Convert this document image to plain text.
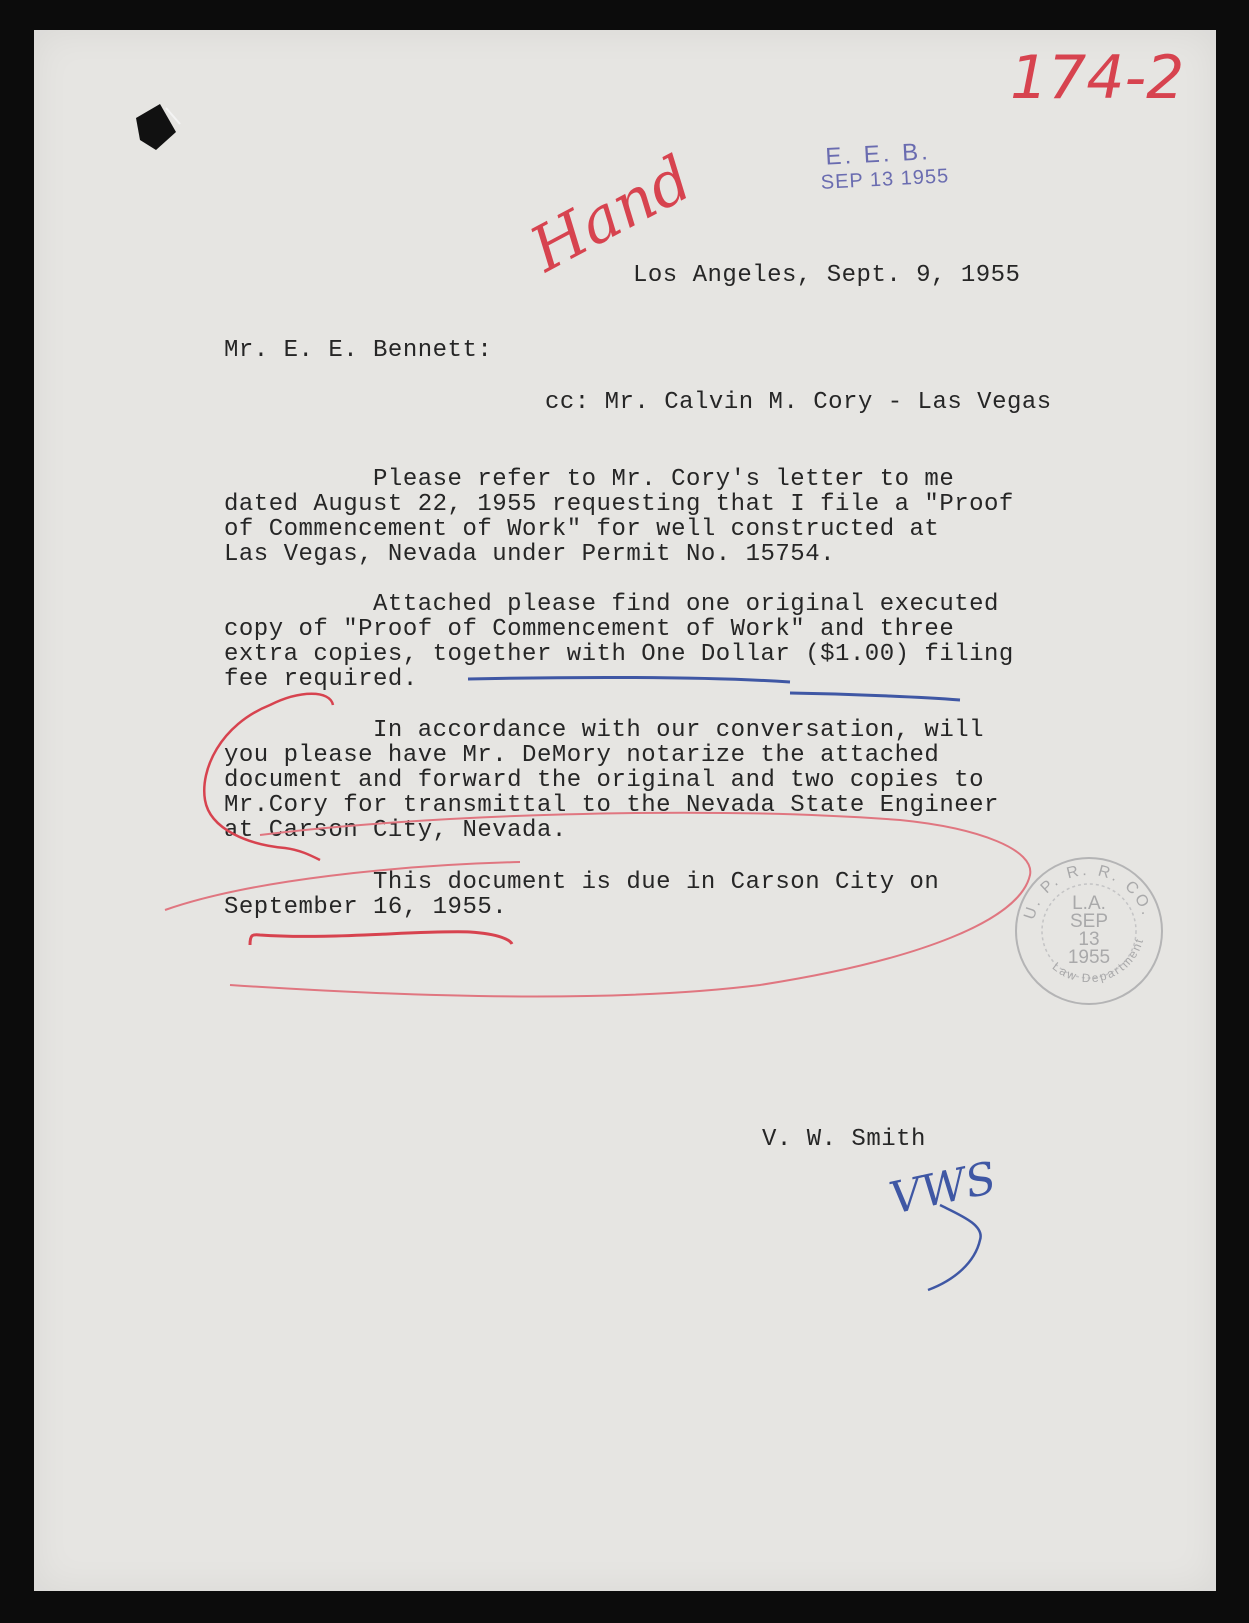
174-2
Hand	E. E. B.
SEP 13 1955
Los Angeles, Sept. 9, 1955
Mr. E. E. Bennett:
cc: Mr. Calvin M. Cory - Las Vegas
Please refer to Mr. Cory's letter to me
dated August 22, 1955 requesting that I file a "Proof
of Commencement of Work" for well constructed at
Las Vegas, Nevada under Permit No. 15754.
Attached please find one original executed
copy of "Proof of Commencement of Work" and three
extra copies, together with One Dollar ($1.00) filing
fee required.
In accordance with our conversation, will
you please have Mr. DeMory notarize the attached
document and forward the original and two copies to
Mr.Cory for transmittal to the Nevada State Engineer
at Carson City, Nevada.
This document is due in Carson City on
September 16, 1955.
V. W. Smith
U. P. R. R. CO.
Law Department
L.A.
SEP
13
1955
VWS
